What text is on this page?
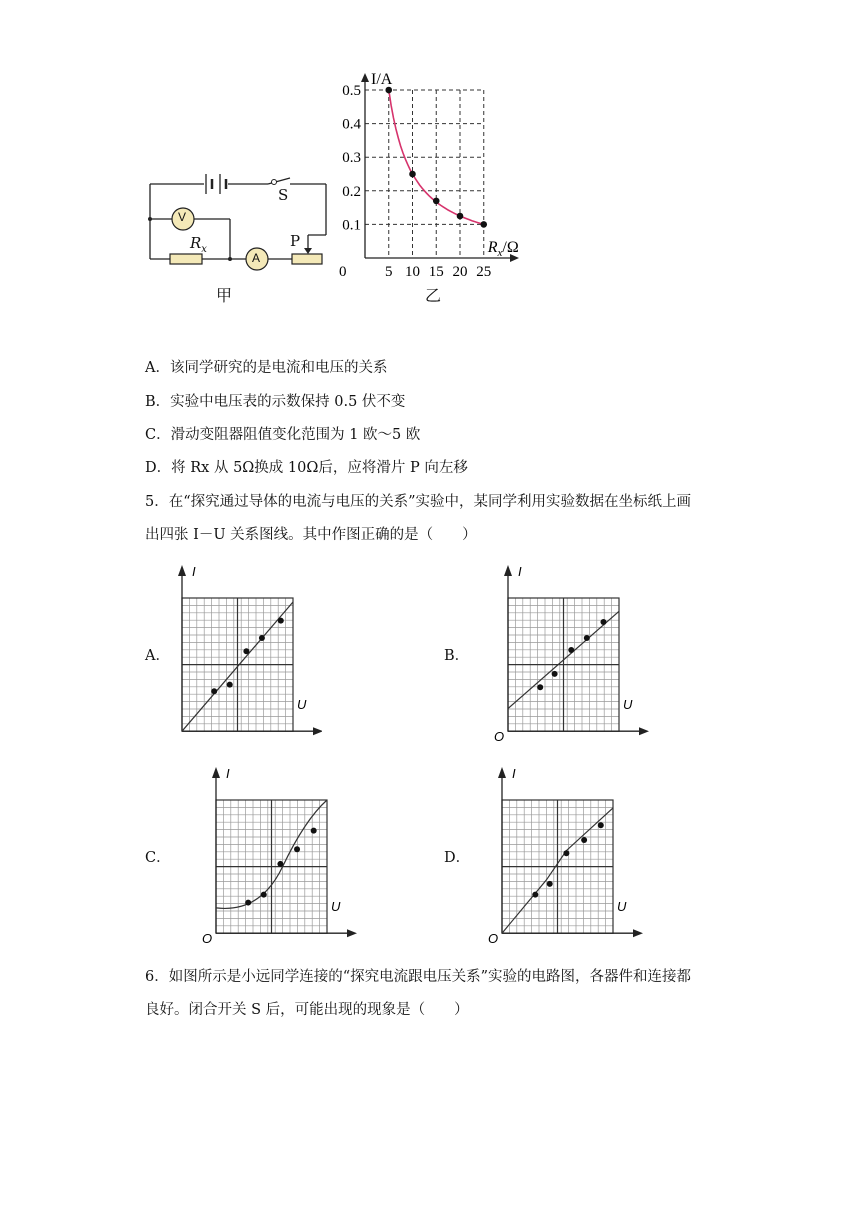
V
A
S
P
$R_x$
甲
5 10 15 20 25
0.5
0.4
0.3
0.2
0.1
0
I/A
$R_x/\Omega$
乙
A．该同学研究的是电流和电压的关系
B．实验中电压表的示数保持 0.5 伏不变
C．滑动变阻器阻值变化范围为 1 欧～5 欧
D．将 Rx 从 5Ω换成 10Ω后，应将滑片 P 向左移
5．在“探究通过导体的电流与电压的关系”实验中，某同学利用实验数据在坐标纸上画
出四张 I－U 关系图线。其中作图正确的是（　　）
A．	B．
C．	D．
I
U
I
U
O
I
U
O
I
U
O
6．如图所示是小远同学连接的“探究电流跟电压关系”实验的电路图，各器件和连接都
良好。闭合开关 S 后，可能出现的现象是（　　）
